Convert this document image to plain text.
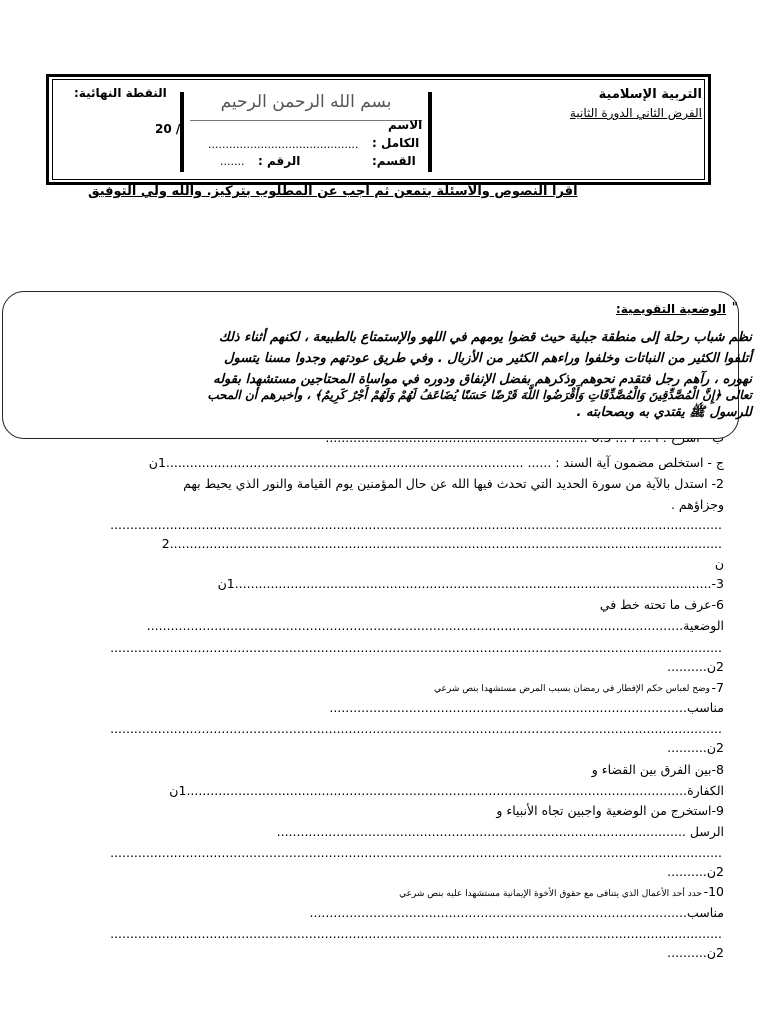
التربية الإسلامية
الفرض الثاني الدورة الثانية
النقطة النهائية:
20 /
بسم الله الرحمن الرحيم
الاسم
الكامل :
...........................................
القسم:
الرقم :
.......
اقرأ النصوص والأسئلة بتمعن ثم أجب عن المطلوب بتركيز. والله ولي التوفيق
الوضعية التقويمية: "
نظم شباب رحلة إلى منطقة جبلية حيث قضوا يومهم في اللهو والإستمتاع بالطبيعة ، لكنهم أثناء ذلك
أتلفوا الكثير من النباتات وخلفوا وراءهم الكثير من الأزبال . وفي طريق عودتهم وجدوا مسنا يتسول
نهوره ، رآهم رجل فتقدم نحوهم وذكرهم بفضل الإنفاق ودوره في مواساة المحتاجين مستشهدا بقوله
تعالى ﴿إِنَّ الْمُصَّدِّقِينَ وَالْمُصَّدِّقَاتِ وَأَقْرَضُوا اللَّهَ قَرْضًا حَسَنًا يُضَاعَفُ لَهُمْ وَلَهُمْ أَجْرٌ كَرِيمٌ﴾ ، وأخبرهم أن المحب
للرسول ﷺ يقتدي به وبصحابته .
ج - استخلص مضمون آية السند : ...... ..........................................................................................1ن
2- استدل بالآية من سورة الحديد التي تحدث فيها الله عن حال المؤمنين يوم القيامة والنور الذي يحيط بهم
وجزاؤهم .
..........................................................................................................................................................
...........................................................................................................................................2
ن
3-........................................................................................................................1ن
6-عرف ما تحته خط في
الوضعية.......................................................................................................................................
..........................................................................................................................................................
2ن..........
7-
وضح لعباس حكم الإفطار في رمضان بسبب المرض مستشهدا بنص شرعي
مناسب..........................................................................................
..........................................................................................................................................................
2ن..........
8-بين الفرق بين القضاء و
الكفارة..............................................................................................................................1ن
9-استخرج من الوضعية واجبين تجاه الأنبياء و
الرسل .......................................................................................................
..........................................................................................................................................................
2ن..........
10-
حدد أحد الأعمال الذي يتنافى مع حقوق الأخوة الإيمانية مستشهدا عليه بنص شرعي
مناسب...............................................................................................
..........................................................................................................................................................
2ن..........
